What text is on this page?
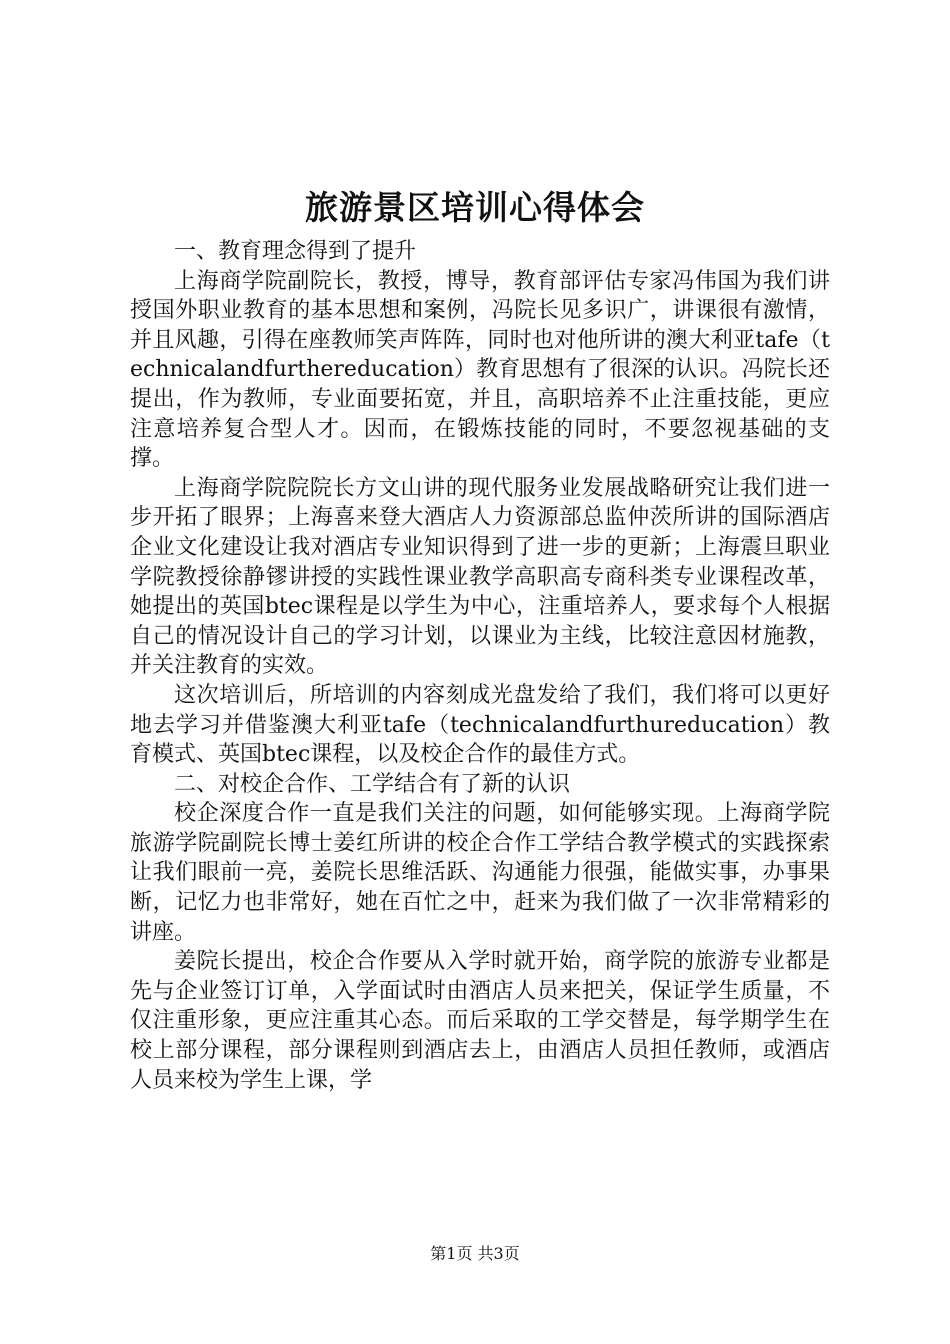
旅游景区培训心得体会

一、教育理念得到了提升

上海商学院副院长，教授，博导，教育部评估专家冯伟国为我们讲授国外职业教育的基本思想和案例，冯院长见多识广，讲课很有激情，并且风趣，引得在座教师笑声阵阵，同时也对他所讲的澳大利亚tafe（technicalandfurthereducation）教育思想有了很深的认识。冯院长还提出，作为教师，专业面要拓宽，并且，高职培养不止注重技能，更应注意培养复合型人才。因而，在锻炼技能的同时，不要忽视基础的支撑。

上海商学院院院长方文山讲的现代服务业发展战略研究让我们进一步开拓了眼界；上海喜来登大酒店人力资源部总监仲茨所讲的国际酒店企业文化建设让我对酒店专业知识得到了进一步的更新；上海震旦职业学院教授徐静镠讲授的实践性课业教学高职高专商科类专业课程改革，她提出的英国btec课程是以学生为中心，注重培养人，要求每个人根据自己的情况设计自己的学习计划，以课业为主线，比较注意因材施教，并关注教育的实效。

这次培训后，所培训的内容刻成光盘发给了我们，我们将可以更好地去学习并借鉴澳大利亚tafe（technicalandfurthureducation）教育模式、英国btec课程，以及校企合作的最佳方式。

二、对校企合作、工学结合有了新的认识

校企深度合作一直是我们关注的问题，如何能够实现。上海商学院旅游学院副院长博士姜红所讲的校企合作工学结合教学模式的实践探索让我们眼前一亮，姜院长思维活跃、沟通能力很强，能做实事，办事果断，记忆力也非常好，她在百忙之中，赶来为我们做了一次非常精彩的讲座。

姜院长提出，校企合作要从入学时就开始，商学院的旅游专业都是先与企业签订订单，入学面试时由酒店人员来把关，保证学生质量，不仅注重形象，更应注重其心态。而后采取的工学交替是，每学期学生在校上部分课程，部分课程则到酒店去上，由酒店人员担任教师，或酒店人员来校为学生上课，学

第1页 共3页
